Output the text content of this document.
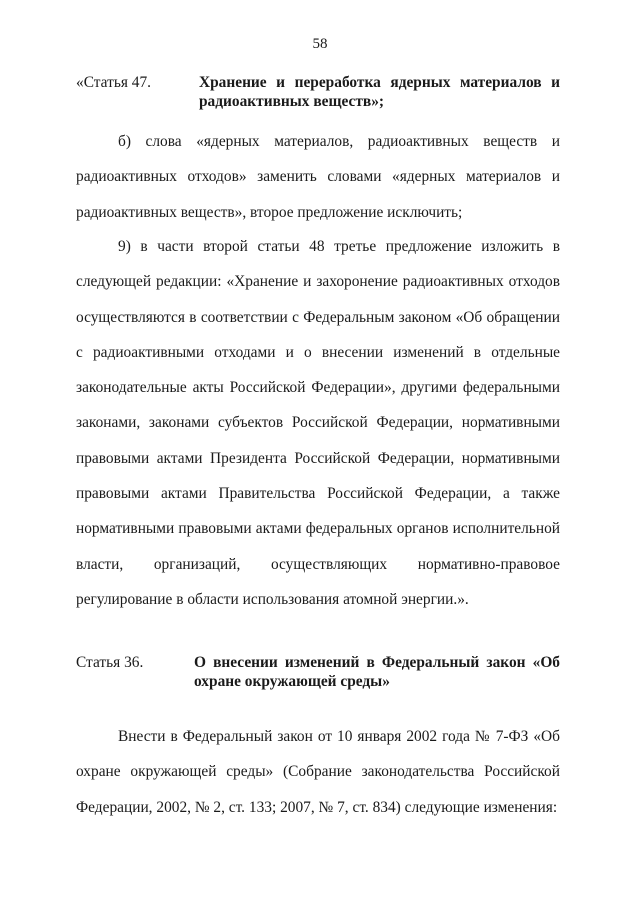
58
«Статья 47.	Хранение и переработка ядерных материалов и радиоактивных веществ»;
б) слова «ядерных материалов, радиоактивных веществ и радиоактивных отходов» заменить словами «ядерных материалов и радиоактивных веществ», второе предложение исключить;
9) в части второй статьи 48 третье предложение изложить в следующей редакции: «Хранение и захоронение радиоактивных отходов осуществляются в соответствии с Федеральным законом «Об обращении с радиоактивными отходами и о внесении изменений в отдельные законодательные акты Российской Федерации», другими федеральными законами, законами субъектов Российской Федерации, нормативными правовыми актами Президента Российской Федерации, нормативными правовыми актами Правительства Российской Федерации, а также нормативными правовыми актами федеральных органов исполнительной власти, организаций, осуществляющих нормативно-правовое регулирование в области использования атомной энергии.».
Статья 36.	О внесении изменений в Федеральный закон «Об охране окружающей среды»
Внести в Федеральный закон от 10 января 2002 года № 7-ФЗ «Об охране окружающей среды» (Собрание законодательства Российской Федерации, 2002, № 2, ст. 133; 2007, № 7, ст. 834) следующие изменения:
